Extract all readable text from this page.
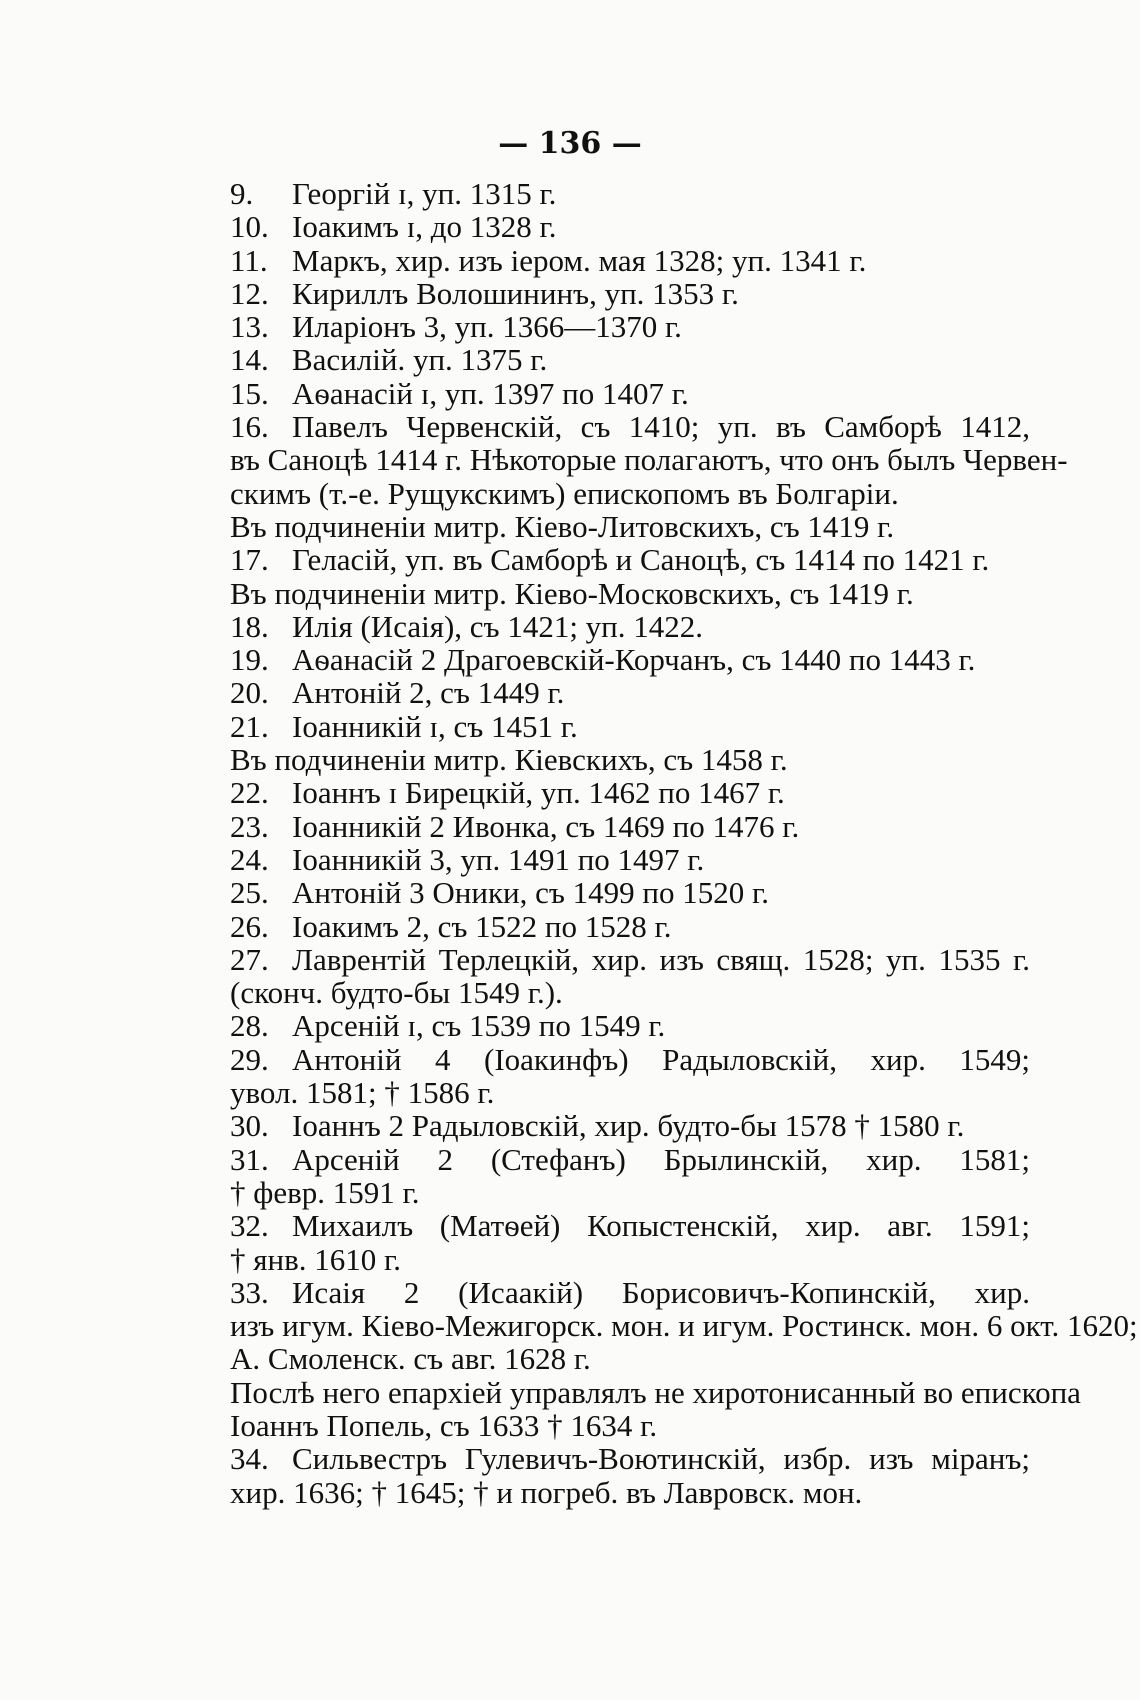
— 136 —
9. Георгій ɪ, уп. 1315 г.
10. Іоакимъ ɪ, до 1328 г.
11. Маркъ, хир. изъ іером. мая 1328; уп. 1341 г.
12. Кириллъ Волошининъ, уп. 1353 г.
13. Иларіонъ 3, уп. 1366—1370 г.
14. Василій. уп. 1375 г.
15. Аѳанасій ɪ, уп. 1397 по 1407 г.
16. Павелъ Червенскій, съ 1410; уп. въ Самборѣ 1412,
въ Саноцѣ 1414 г. Нѣкоторые полагаютъ, что онъ былъ Червен-
скимъ (т.-е. Рущукскимъ) епископомъ въ Болгаріи.
Въ подчиненіи митр. Кіево-Литовскихъ, съ 1419 г.
17. Геласій, уп. въ Самборѣ и Саноцѣ, съ 1414 по 1421 г.
Въ подчиненіи митр. Кіево-Московскихъ, съ 1419 г.
18. Илія (Исаія), съ 1421; уп. 1422.
19. Аѳанасій 2 Драгоевскій-Корчанъ, съ 1440 по 1443 г.
20. Антоній 2, съ 1449 г.
21. Іоанникій ɪ, съ 1451 г.
Въ подчиненіи митр. Кіевскихъ, съ 1458 г.
22. Іоаннъ ɪ Бирецкій, уп. 1462 по 1467 г.
23. Іоанникій 2 Ивонка, съ 1469 по 1476 г.
24. Іоанникій 3, уп. 1491 по 1497 г.
25. Антоній 3 Оники, съ 1499 по 1520 г.
26. Іоакимъ 2, съ 1522 по 1528 г.
27. Лаврентій Терлецкій, хир. изъ свящ. 1528; уп. 1535 г.
(сконч. будто-бы 1549 г.).
28. Арсеній ɪ, съ 1539 по 1549 г.
29. Антоній 4 (Іоакинфъ) Радыловскій, хир. 1549;
увол. 1581; † 1586 г.
30. Іоаннъ 2 Радыловскій, хир. будто-бы 1578 † 1580 г.
31. Арсеній 2 (Стефанъ) Брылинскій, хир. 1581;
† февр. 1591 г.
32. Михаилъ (Матѳей) Копыстенскій, хир. авг. 1591;
† янв. 1610 г.
33. Исаія 2 (Исаакій) Борисовичъ-Копинскій, хир.
изъ игум. Кіево-Межигорск. мон. и игум. Ростинск. мон. 6 окт. 1620;
А. Смоленск. съ авг. 1628 г.
Послѣ него епархіей управлялъ не хиротонисанный во епископа
Іоаннъ Попель, съ 1633 † 1634 г.
34. Сильвестръ Гулевичъ-Воютинскій, избр. изъ міранъ;
хир. 1636; † 1645; † и погреб. въ Лавровск. мон.
